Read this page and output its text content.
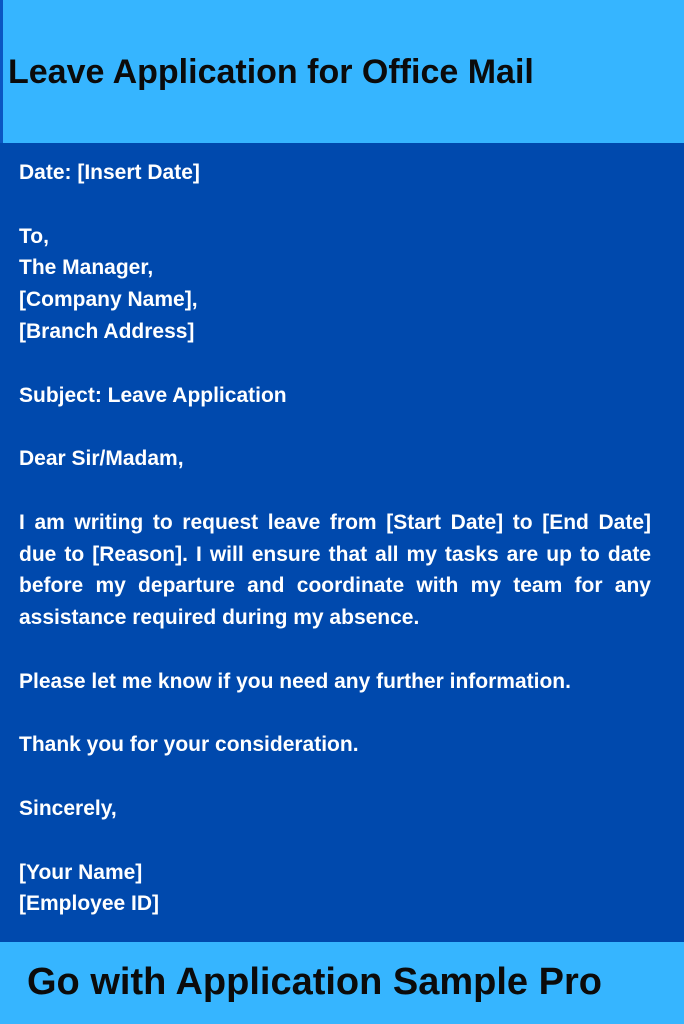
Leave Application for Office Mail
Date: [Insert Date]
To,
The Manager,
[Company Name],
[Branch Address]
Subject: Leave Application
Dear Sir/Madam,
I am writing to request leave from [Start Date] to [End Date] due to [Reason]. I will ensure that all my tasks are up to date before my departure and coordinate with my team for any assistance required during my absence.
Please let me know if you need any further information.
Thank you for your consideration.
Sincerely,
[Your Name]
[Employee ID]
Go with Application Sample Pro
